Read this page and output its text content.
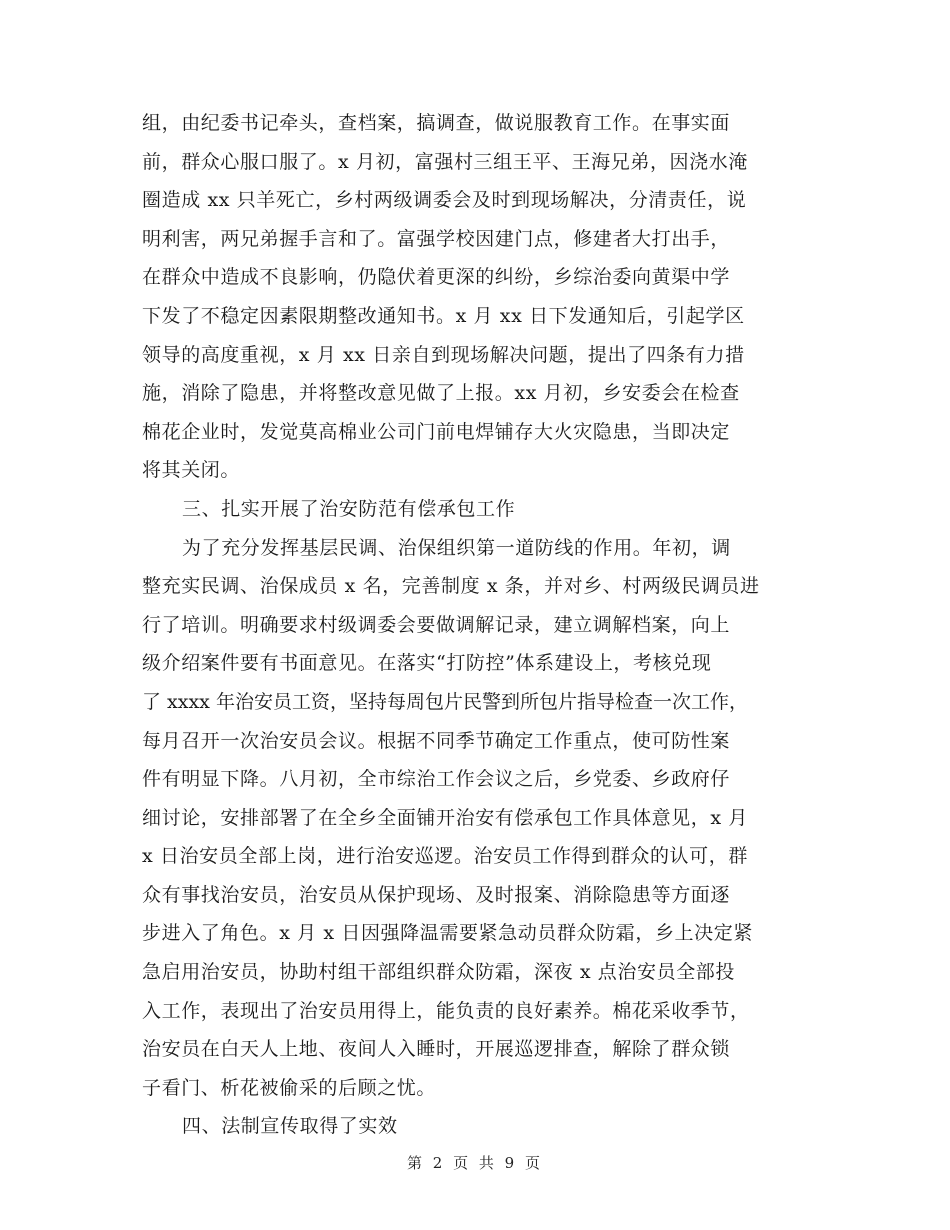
组，由纪委书记牵头，查档案，搞调查，做说服教育工作。在事实面
前，群众心服口服了。x 月初，富强村三组王平、王海兄弟，因浇水淹
圈造成 xx 只羊死亡，乡村两级调委会及时到现场解决，分清责任，说
明利害，两兄弟握手言和了。富强学校因建门点，修建者大打出手，
在群众中造成不良影响，仍隐伏着更深的纠纷，乡综治委向黄渠中学
下发了不稳定因素限期整改通知书。x 月 xx 日下发通知后，引起学区
领导的高度重视，x 月 xx 日亲自到现场解决问题，提出了四条有力措
施，消除了隐患，并将整改意见做了上报。xx 月初，乡安委会在检查
棉花企业时，发觉莫高棉业公司门前电焊铺存大火灾隐患，当即决定
将其关闭。
三、扎实开展了治安防范有偿承包工作
为了充分发挥基层民调、治保组织第一道防线的作用。年初，调
整充实民调、治保成员 x 名，完善制度 x 条，并对乡、村两级民调员进
行了培训。明确要求村级调委会要做调解记录，建立调解档案，向上
级介绍案件要有书面意见。在落实“打防控”体系建设上，考核兑现
了 xxxx 年治安员工资，坚持每周包片民警到所包片指导检查一次工作，
每月召开一次治安员会议。根据不同季节确定工作重点，使可防性案
件有明显下降。八月初，全市综治工作会议之后，乡党委、乡政府仔
细讨论，安排部署了在全乡全面铺开治安有偿承包工作具体意见，x 月
x 日治安员全部上岗，进行治安巡逻。治安员工作得到群众的认可，群
众有事找治安员，治安员从保护现场、及时报案、消除隐患等方面逐
步进入了角色。x 月 x 日因强降温需要紧急动员群众防霜，乡上决定紧
急启用治安员，协助村组干部组织群众防霜，深夜 x 点治安员全部投
入工作，表现出了治安员用得上，能负责的良好素养。棉花采收季节，
治安员在白天人上地、夜间人入睡时，开展巡逻排查，解除了群众锁
子看门、析花被偷采的后顾之忧。
四、法制宣传取得了实效
第 2 页 共 9 页
